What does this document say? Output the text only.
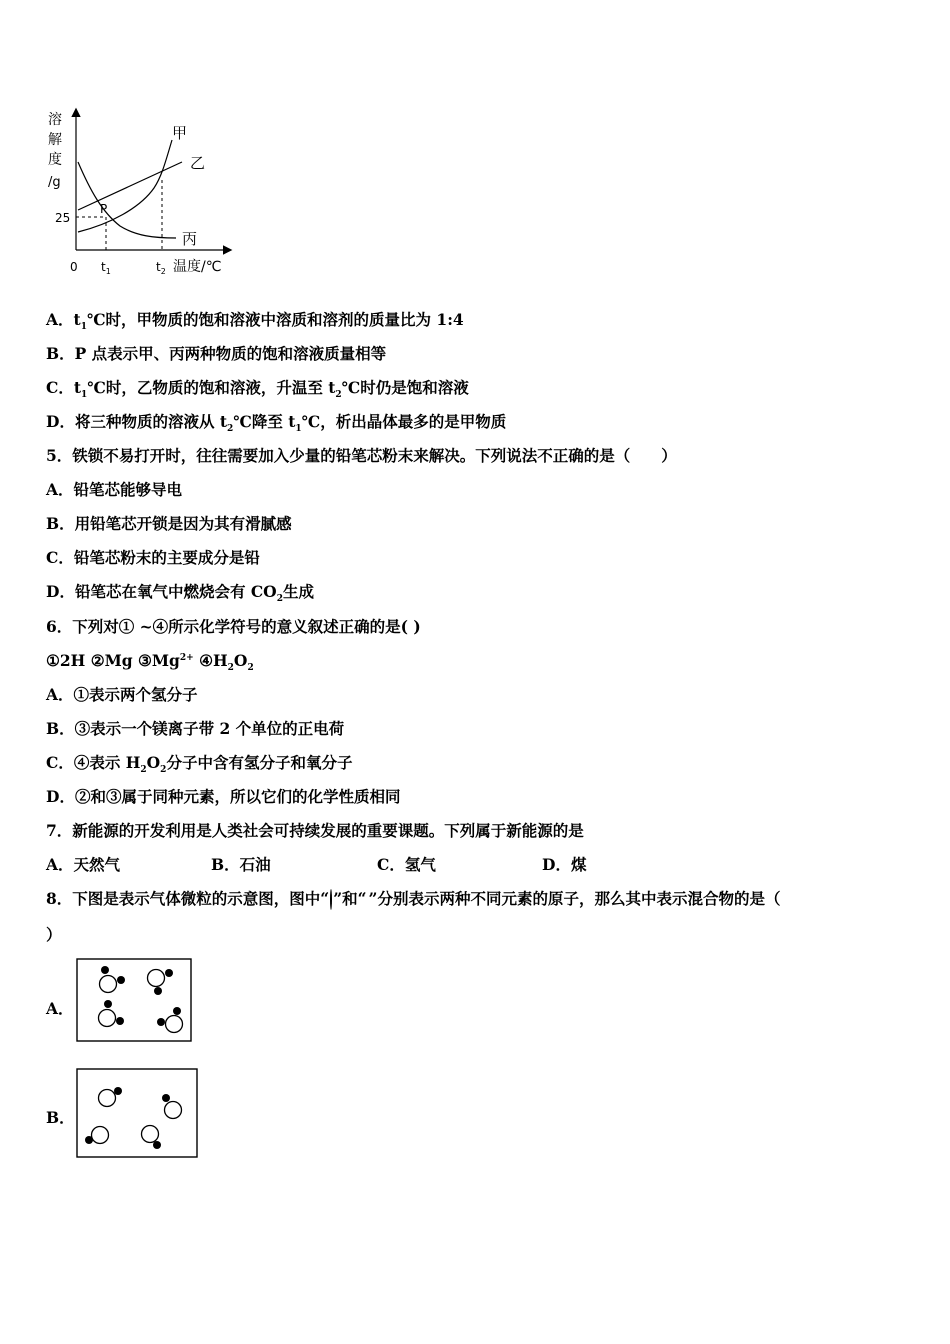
溶
解
度
/g
25
0 $t_1$	$t_2$ 温度/℃
P
甲
乙
丙
A．$t_1℃$时，甲物质的饱和溶液中溶质和溶剂的质量比为 1:4
B．P 点表示甲、丙两种物质的饱和溶液质量相等
C．$t_1℃$时，乙物质的饱和溶液，升温至 $t_2℃$时仍是饱和溶液
D．将三种物质的溶液从 $t_2℃$降至 $t_1℃$，析出晶体最多的是甲物质
5．铁锁不易打开时，往往需要加入少量的铅笔芯粉末来解决。下列说法不正确的是（　　）
A．铅笔芯能够导电
B．用铅笔芯开锁是因为其有滑腻感
C．铅笔芯粉末的主要成分是铅
D．铅笔芯在氧气中燃烧会有 $CO_2$生成
6．下列对① ~④所示化学符号的意义叙述正确的是( )
①2H ②Mg $③Mg^{2+}$ $④H_2O_2$
A．①表示两个氢分子
B．③表示一个镁离子带 2 个单位的正电荷
C．④表示 $H_2O_2$分子中含有氢分子和氧分子
D．②和③属于同种元素，所以它们的化学性质相同
7．新能源的开发利用是人类社会可持续发展的重要课题。下列属于新能源的是
A．天然气	B．石油	C．氢气	D．煤
8．下图是表示气体微粒的示意图，图中“ ”和“ ”分别表示两种不同元素的原子，那么其中表示混合物的是（
）
A．
B．
